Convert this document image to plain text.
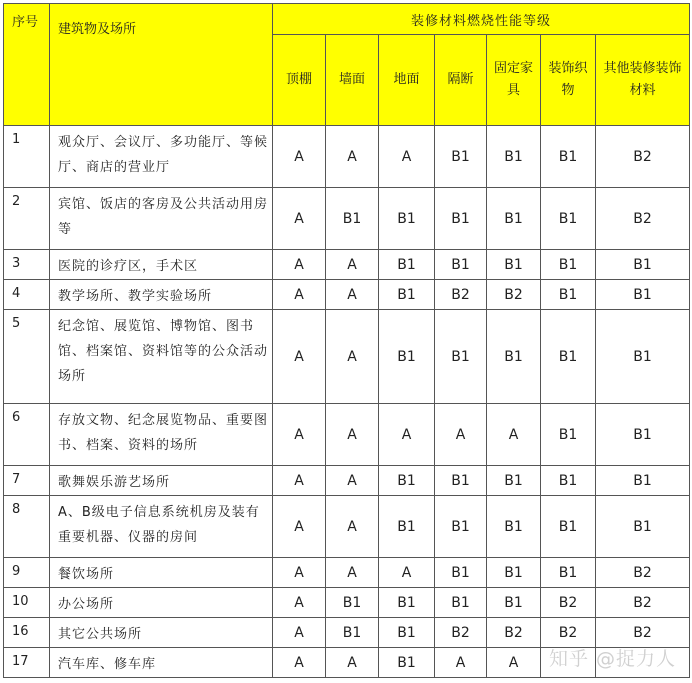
序号	建筑物及场所	装修材料燃烧性能等级						
		顶棚	墙面	地面	隔断	固定家具	装饰织物	其他装修装饰材料
1	观众厅、会议厅、多功能厅、等候厅、商店的营业厅	A	A	A	B1	B1	B1	B2
2	宾馆、饭店的客房及公共活动用房等	A	B1	B1	B1	B1	B1	B2
3	医院的诊疗区，手术区	A	A	B1	B1	B1	B1	B1
4	教学场所、教学实验场所	A	A	B1	B2	B2	B1	B1
5	纪念馆、展览馆、博物馆、图书馆、档案馆、资料馆等的公众活动场所	A	A	B1	B1	B1	B1	B1
6	存放文物、纪念展览物品、重要图书、档案、资料的场所	A	A	A	A	A	B1	B1
7	歌舞娱乐游艺场所	A	A	B1	B1	B1	B1	B1
8	A、B级电子信息系统机房及装有重要机器、仪器的房间	A	A	B1	B1	B1	B1	B1
9	餐饮场所	A	A	A	B1	B1	B1	B2
10	办公场所	A	B1	B1	B1	B1	B2	B2
16	其它公共场所	A	B1	B1	B2	B2	B2	B2
17	汽车库、修车库	A	A	B1	A	A		知乎 @捉力人
